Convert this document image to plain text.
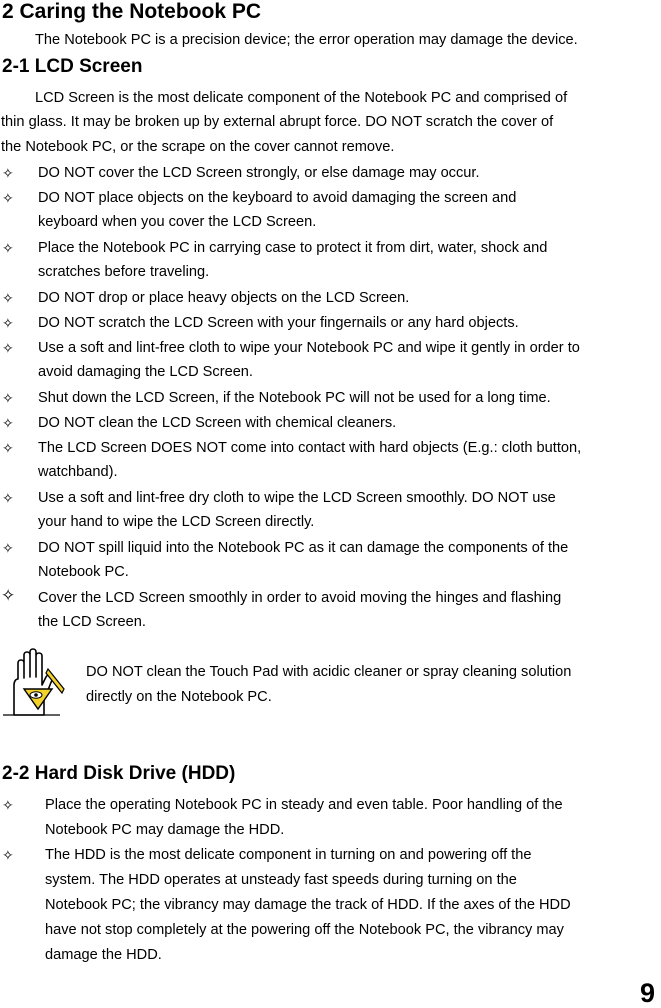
2 Caring the Notebook PC
The Notebook PC is a precision device; the error operation may damage the device.
2-1 LCD Screen
LCD Screen is the most delicate component of the Notebook PC and comprised of
thin glass. It may be broken up by external abrupt force. DO NOT scratch the cover of
the Notebook PC, or the scrape on the cover cannot remove.
✧ DO NOT cover the LCD Screen strongly, or else damage may occur.
✧ DO NOT place objects on the keyboard to avoid damaging the screen and
keyboard when you cover the LCD Screen.
✧ Place the Notebook PC in carrying case to protect it from dirt, water, shock and
scratches before traveling.
✧ DO NOT drop or place heavy objects on the LCD Screen.
✧ DO NOT scratch the LCD Screen with your fingernails or any hard objects.
✧ Use a soft and lint-free cloth to wipe your Notebook PC and wipe it gently in order to
avoid damaging the LCD Screen.
✧ Shut down the LCD Screen, if the Notebook PC will not be used for a long time.
✧ DO NOT clean the LCD Screen with chemical cleaners.
✧ The LCD Screen DOES NOT come into contact with hard objects (E.g.: cloth button,
watchband).
✧ Use a soft and lint-free dry cloth to wipe the LCD Screen smoothly. DO NOT use
your hand to wipe the LCD Screen directly.
✧ DO NOT spill liquid into the Notebook PC as it can damage the components of the
Notebook PC.
✧ Cover the LCD Screen smoothly in order to avoid moving the hinges and flashing
the LCD Screen.
DO NOT clean the Touch Pad with acidic cleaner or spray cleaning solution
directly on the Notebook PC.
2-2 Hard Disk Drive (HDD)
✧ Place the operating Notebook PC in steady and even table. Poor handling of the
Notebook PC may damage the HDD.
✧ The HDD is the most delicate component in turning on and powering off the
system. The HDD operates at unsteady fast speeds during turning on the
Notebook PC; the vibrancy may damage the track of HDD. If the axes of the HDD
have not stop completely at the powering off the Notebook PC, the vibrancy may
damage the HDD.
9
